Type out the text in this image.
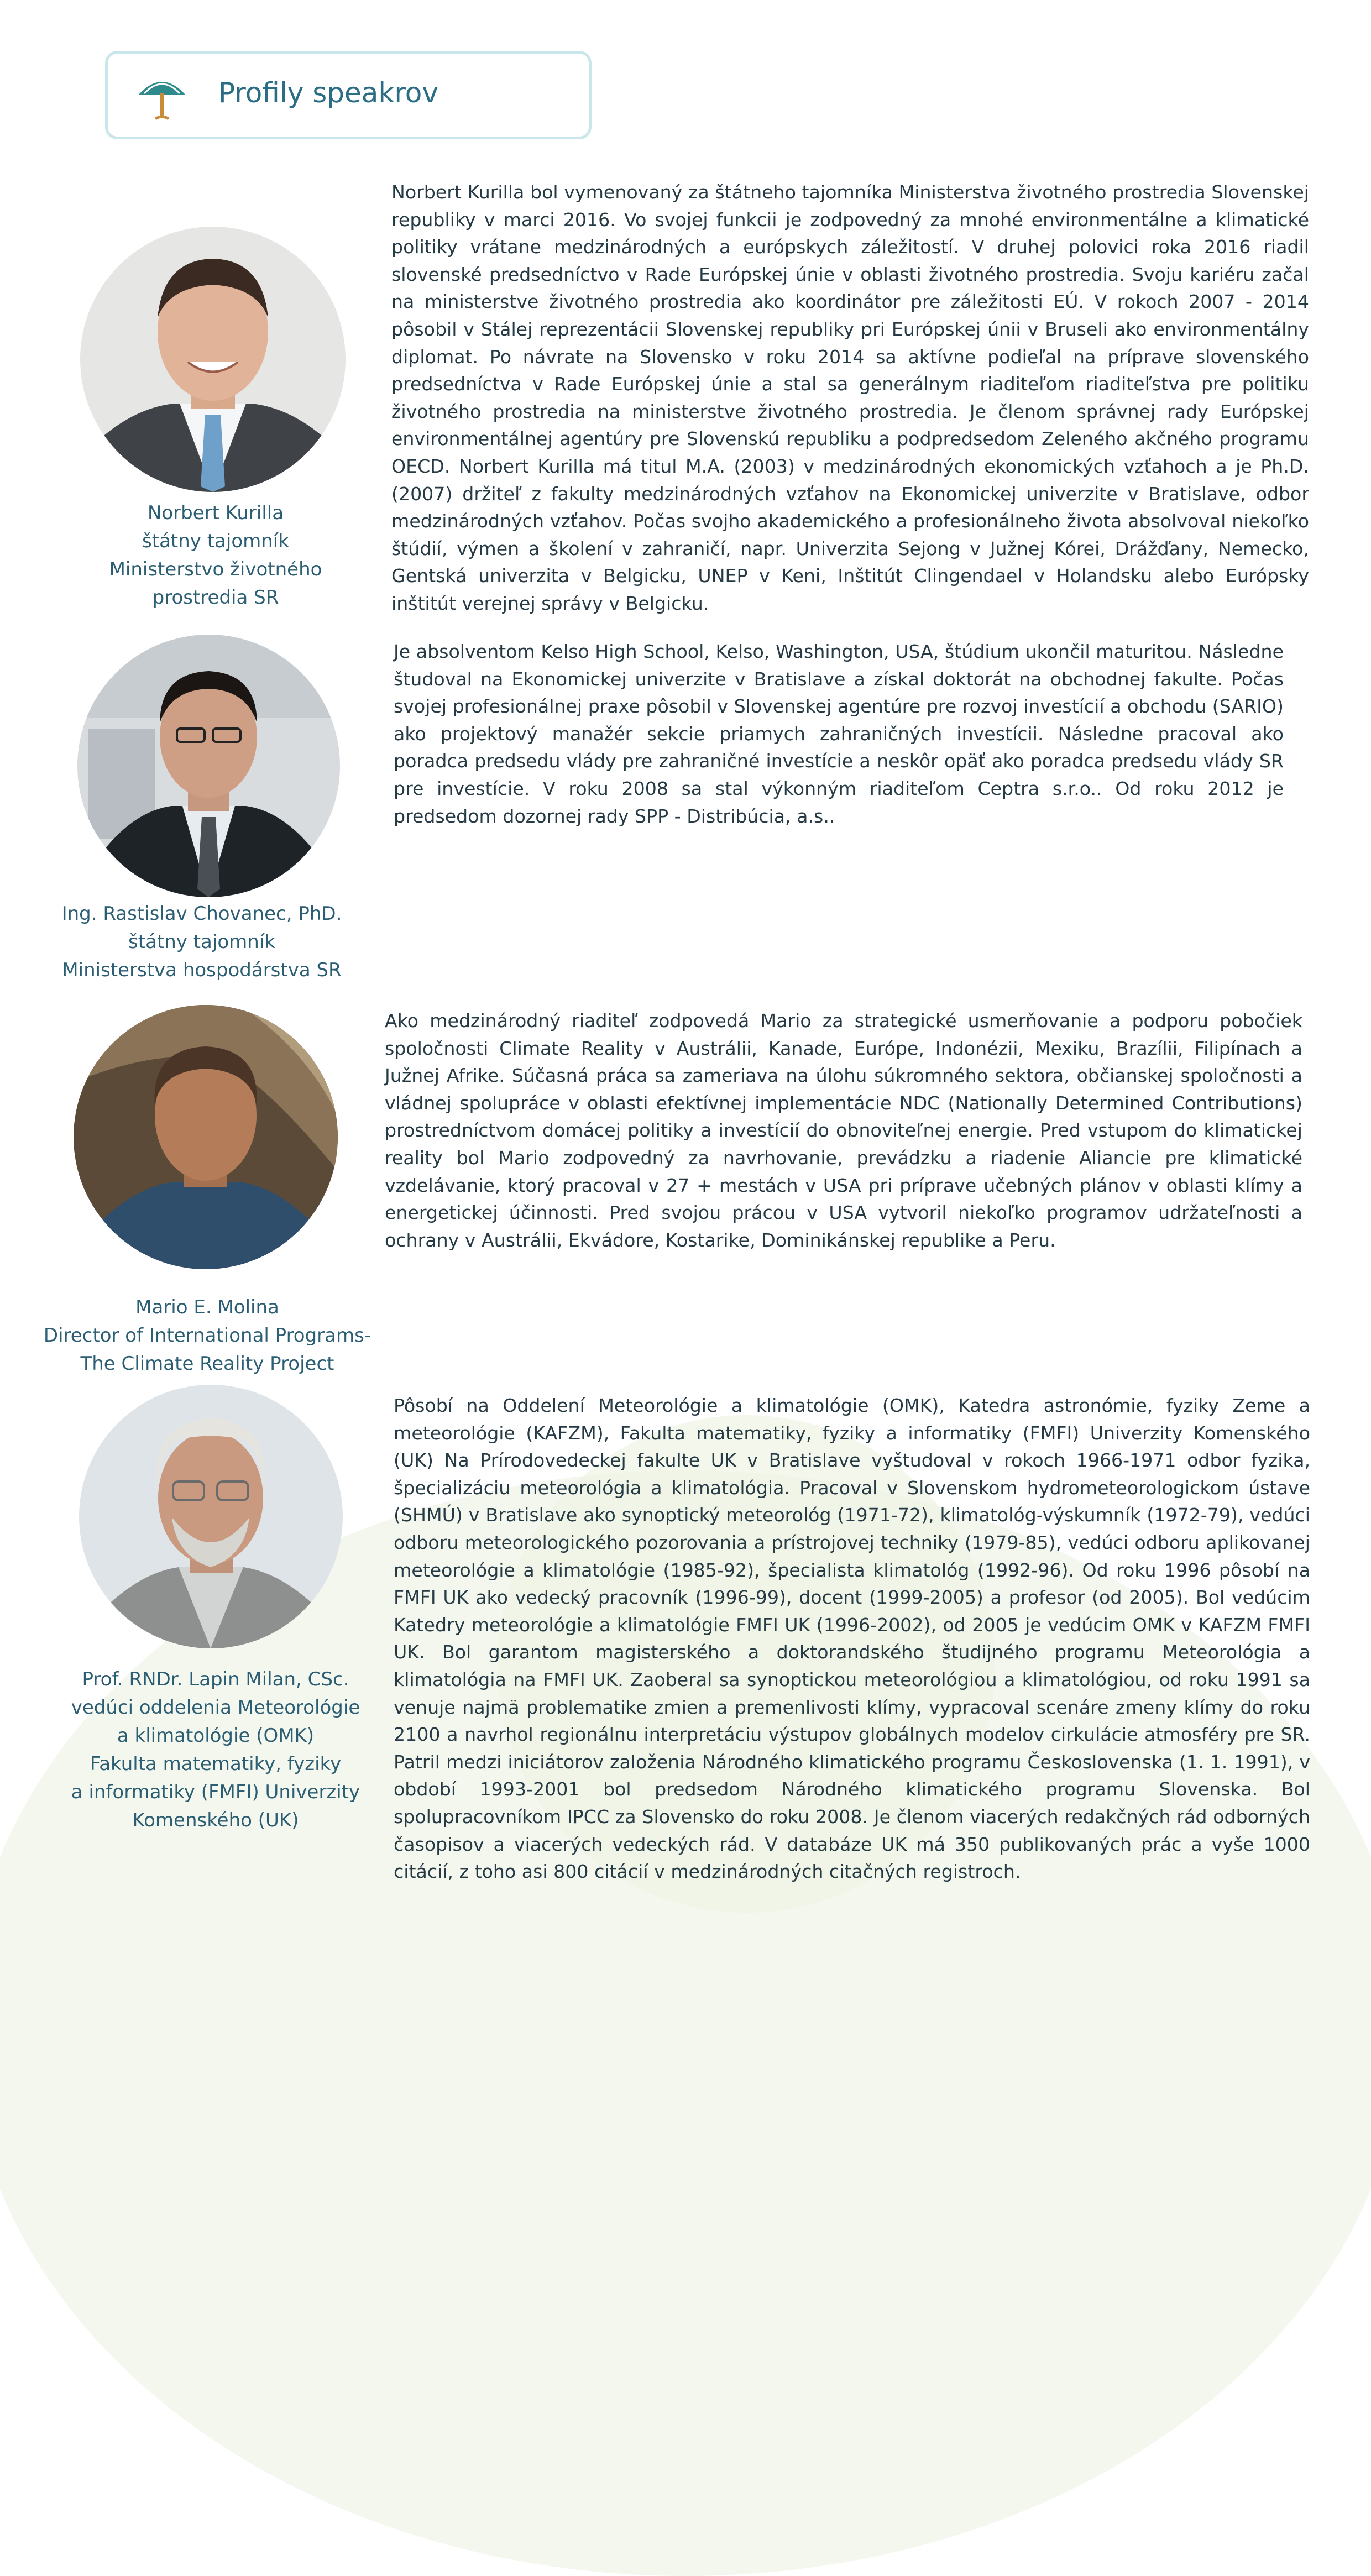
Profily speakrov
Norbert Kurilla
štátny tajomník
Ministerstvo životného
prostredia SR

Norbert Kurilla bol vymenovaný za štátneho tajomníka Ministerstva životného prostredia Slovenskej republiky v marci 2016. Vo svojej funkcii je zodpovedný za mnohé environmentálne a klimatické politiky vrátane medzinárodných a európskych záležitostí. V druhej polovici roka 2016 riadil slovenské predsedníctvo v Rade Európskej únie v oblasti životného prostredia. Svoju kariéru začal na ministerstve životného prostredia ako koordinátor pre záležitosti EÚ. V rokoch 2007 - 2014 pôsobil v Stálej reprezentácii Slovenskej republiky pri Európskej únii v Bruseli ako environmentálny diplomat. Po návrate na Slovensko v roku 2014 sa aktívne podieľal na príprave slovenského predsedníctva v Rade Európskej únie a stal sa generálnym riaditeľom riaditeľstva pre politiku životného prostredia na ministerstve životného prostredia. Je členom správnej rady Európskej environmentálnej agentúry pre Slovenskú republiku a podpredsedom Zeleného akčného programu OECD. Norbert Kurilla má titul M.A. (2003) v medzinárodných ekonomických vzťahoch a je Ph.D. (2007) držiteľ z fakulty medzinárodných vzťahov na Ekonomickej univerzite v Bratislave, odbor medzinárodných vzťahov. Počas svojho akademického a profesionálneho života absolvoval niekoľko štúdií, výmen a školení v zahraničí, napr. Univerzita Sejong v Južnej Kórei, Drážďany, Nemecko, Gentská univerzita v Belgicku, UNEP v Keni, Inštitút Clingendael v Holandsku alebo Európsky inštitút verejnej správy v Belgicku.

Ing. Rastislav Chovanec, PhD.
štátny tajomník
Ministerstva hospodárstva SR

Je absolventom Kelso High School, Kelso, Washington, USA, štúdium ukončil maturitou. Následne študoval na Ekonomickej univerzite v Bratislave a získal doktorát na obchodnej fakulte. Počas svojej profesionálnej praxe pôsobil v Slovenskej agentúre pre rozvoj investícií a obchodu (SARIO) ako projektový manažér sekcie priamych zahraničných investícii. Následne pracoval ako poradca predsedu vlády pre zahraničné investície a neskôr opäť ako poradca predsedu vlády SR pre investície. V roku 2008 sa stal výkonným riaditeľom Ceptra s.r.o.. Od roku 2012 je predsedom dozornej rady SPP - Distribúcia, a.s..

Mario E. Molina
Director of International Programs-
The Climate Reality Project

Ako medzinárodný riaditeľ zodpovedá Mario za strategické usmerňovanie a podporu pobočiek spoločnosti Climate Reality v Austrálii, Kanade, Európe, Indonézii, Mexiku, Brazílii, Filipínach a Južnej Afrike. Súčasná práca sa zameriava na úlohu súkromného sektora, občianskej spoločnosti a vládnej spolupráce v oblasti efektívnej implementácie NDC (Nationally Determined Contributions) prostredníctvom domácej politiky a investícií do obnoviteľnej energie. Pred vstupom do klimatickej reality bol Mario zodpovedný za navrhovanie, prevádzku a riadenie Aliancie pre klimatické vzdelávanie, ktorý pracoval v 27 + mestách v USA pri príprave učebných plánov v oblasti klímy a energetickej účinnosti. Pred svojou prácou v USA vytvoril niekoľko programov udržateľnosti a ochrany v Austrálii, Ekvádore, Kostarike, Dominikánskej republike a Peru.

Prof. RNDr. Lapin Milan, CSc.
vedúci oddelenia Meteorológie
a klimatológie (OMK)
Fakulta matematiky, fyziky
a informatiky (FMFI) Univerzity
Komenského (UK)

Pôsobí na Oddelení Meteorológie a klimatológie (OMK), Katedra astronómie, fyziky Zeme a meteorológie (KAFZM), Fakulta matematiky, fyziky a informatiky (FMFI) Univerzity Komenského (UK) Na Prírodovedeckej fakulte UK v Bratislave vyštudoval v rokoch 1966-1971 odbor fyzika, špecializáciu meteorológia a klimatológia. Pracoval v Slovenskom hydrometeorologickom ústave (SHMÚ) v Bratislave ako synoptický meteorológ (1971-72), klimatológ-výskumník (1972-79), vedúci odboru meteorologického pozorovania a prístrojovej techniky (1979-85), vedúci odboru aplikovanej meteorológie a klimatológie (1985-92), špecialista klimatológ (1992-96). Od roku 1996 pôsobí na FMFI UK ako vedecký pracovník (1996-99), docent (1999-2005) a profesor (od 2005). Bol vedúcim Katedry meteorológie a klimatológie FMFI UK (1996-2002), od 2005 je vedúcim OMK v KAFZM FMFI UK. Bol garantom magisterského a doktorandského študijného programu Meteorológia a klimatológia na FMFI UK. Zaoberal sa synoptickou meteorológiou a klimatológiou, od roku 1991 sa venuje najmä problematike zmien a premenlivosti klímy, vypracoval scenáre zmeny klímy do roku 2100 a navrhol regionálnu interpretáciu výstupov globálnych modelov cirkulácie atmosféry pre SR. Patril medzi iniciátorov založenia Národného klimatického programu Československa (1. 1. 1991), v období 1993-2001 bol predsedom Národného klimatického programu Slovenska. Bol spolupracovníkom IPCC za Slovensko do roku 2008. Je členom viacerých redakčných rád odborných časopisov a viacerých vedeckých rád. V databáze UK má 350 publikovaných prác a vyše 1000 citácií, z toho asi 800 citácií v medzinárodných citačných registroch.
